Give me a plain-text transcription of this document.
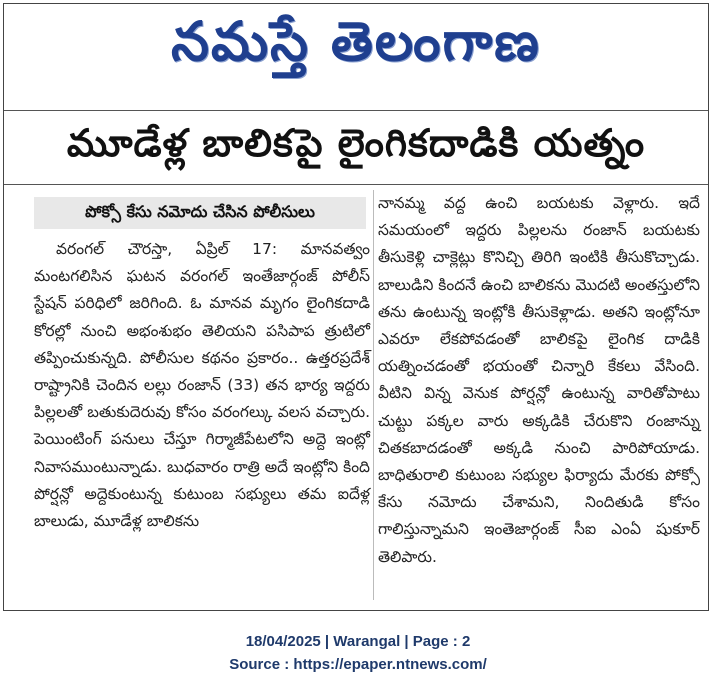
నమస్తే తెలంగాణ
మూడేళ్ల బాలికపై లైంగికదాడికి యత్నం
పోక్సో కేసు నమోదు చేసిన పోలీసులు

వరంగల్ చౌరస్తా, ఏప్రిల్ 17: మానవత్వం మంటగలిసిన ఘటన వరంగల్ ఇంతేజార్గంజ్ పోలీస్ స్టేషన్ పరిధిలో జరిగింది. ఓ మానవ మృగం లైంగికదాడి కోరల్లో నుంచి అభంశుభం తెలియని పసిపాప త్రుటిలో తప్పించుకున్నది. పోలీసుల కథనం ప్రకారం.. ఉత్తరప్రదేశ్ రాష్ట్రానికి చెందిన లల్లు రంజాన్ (33) తన భార్య ఇద్దరు పిల్లలతో బతుకుదెరువు కోసం వరంగల్కు వలస వచ్చారు. పెయింటింగ్ పనులు చేస్తూ గిర్మాజీపేటలోని అద్దె ఇంట్లో నివాసముంటున్నాడు. బుధవారం రాత్రి అదే ఇంట్లోని కింది పోర్షన్లో అద్దెకుంటున్న కుటుంబ సభ్యులు తమ ఐదేళ్ల బాలుడు, మూడేళ్ల బాలికను

నానమ్మ వద్ద ఉంచి బయటకు వెళ్లారు. ఇదే సమయంలో ఇద్దరు పిల్లలను రంజాన్ బయటకు తీసుకెళ్లి చాక్లెట్లు కొనిచ్చి తిరిగి ఇంటికి తీసుకొచ్చాడు. బాలుడిని కిందనే ఉంచి బాలికను మొదటి అంతస్తులోని తను ఉంటున్న ఇంట్లోకి తీసుకెళ్లాడు. అతని ఇంట్లోనూ ఎవరూ లేకపోవడంతో బాలికపై లైంగిక దాడికి యత్నించడంతో భయంతో చిన్నారి కేకలు వేసింది. వీటిని విన్న వెనుక పోర్షన్లో ఉంటున్న వారితోపాటు చుట్టు పక్కల వారు అక్కడికి చేరుకొని రంజాన్ను చితకబాదడంతో అక్కడి నుంచి పారిపోయాడు. బాధితురాలి కుటుంబ సభ్యుల ఫిర్యాదు మేరకు పోక్సో కేసు నమోదు చేశామని, నిందితుడి కోసం గాలిస్తున్నామని ఇంతెజార్గంజ్ సీఐ ఎంఏ షుకూర్ తెలిపారు.

18/04/2025 | Warangal | Page : 2
Source : https://epaper.ntnews.com/
